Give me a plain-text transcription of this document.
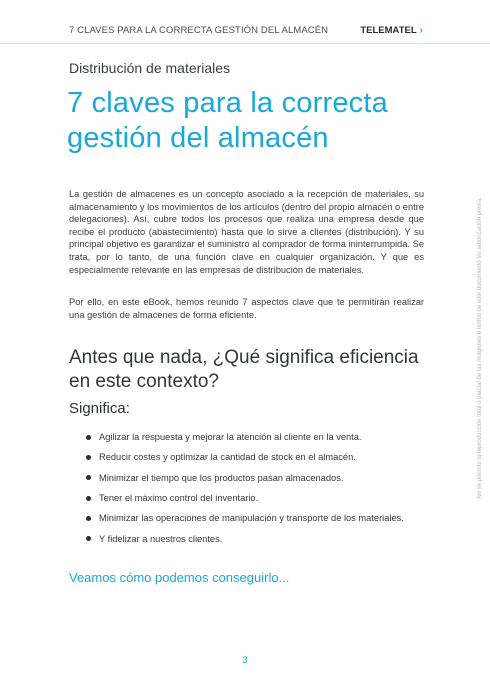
7 CLAVES PARA LA CORRECTA GESTIÓN DEL ALMACÉN	TELEMATEL ›
Distribución de materiales
7 claves para la correcta gestión del almacén

La gestión de almacenes es un concepto asociado a la recepción de materiales, su almacenamiento y los movimientos de los artículos (dentro del propio almacén o entre delegaciones). Así, cubre todos los procesos que realiza una empresa desde que recibe el producto (abastecimiento) hasta que lo sirve a clientes (distribución). Y su principal objetivo es garantizar el suministro al comprador de forma ininterrumpida. Se trata, por lo tanto, de una función clave en cualquier organización. Y que es especialmente relevante en las empresas de distribución de materiales.

Por ello, en este eBook, hemos reunido 7 aspectos clave que te permitirán realizar una gestión de almacenes de forma eficiente.

Antes que nada, ¿Qué significa eficiencia en este contexto?
Significa:
Agilizar la respuesta y mejorar la atención al cliente en la venta.
Reducir costes y optimizar la cantidad de stock en el almacén.
Minimizar el tiempo que los productos pasan almacenados.
Tener el máximo control del inventario.
Minimizar las operaciones de manipulación y transporte de los materiales.
Y fidelizar a nuestros clientes.
Veamos cómo podemos conseguirlo...
3
No se permite la reproducción total o parcial de las imágenes o textos de este documento sin autorización previa.
